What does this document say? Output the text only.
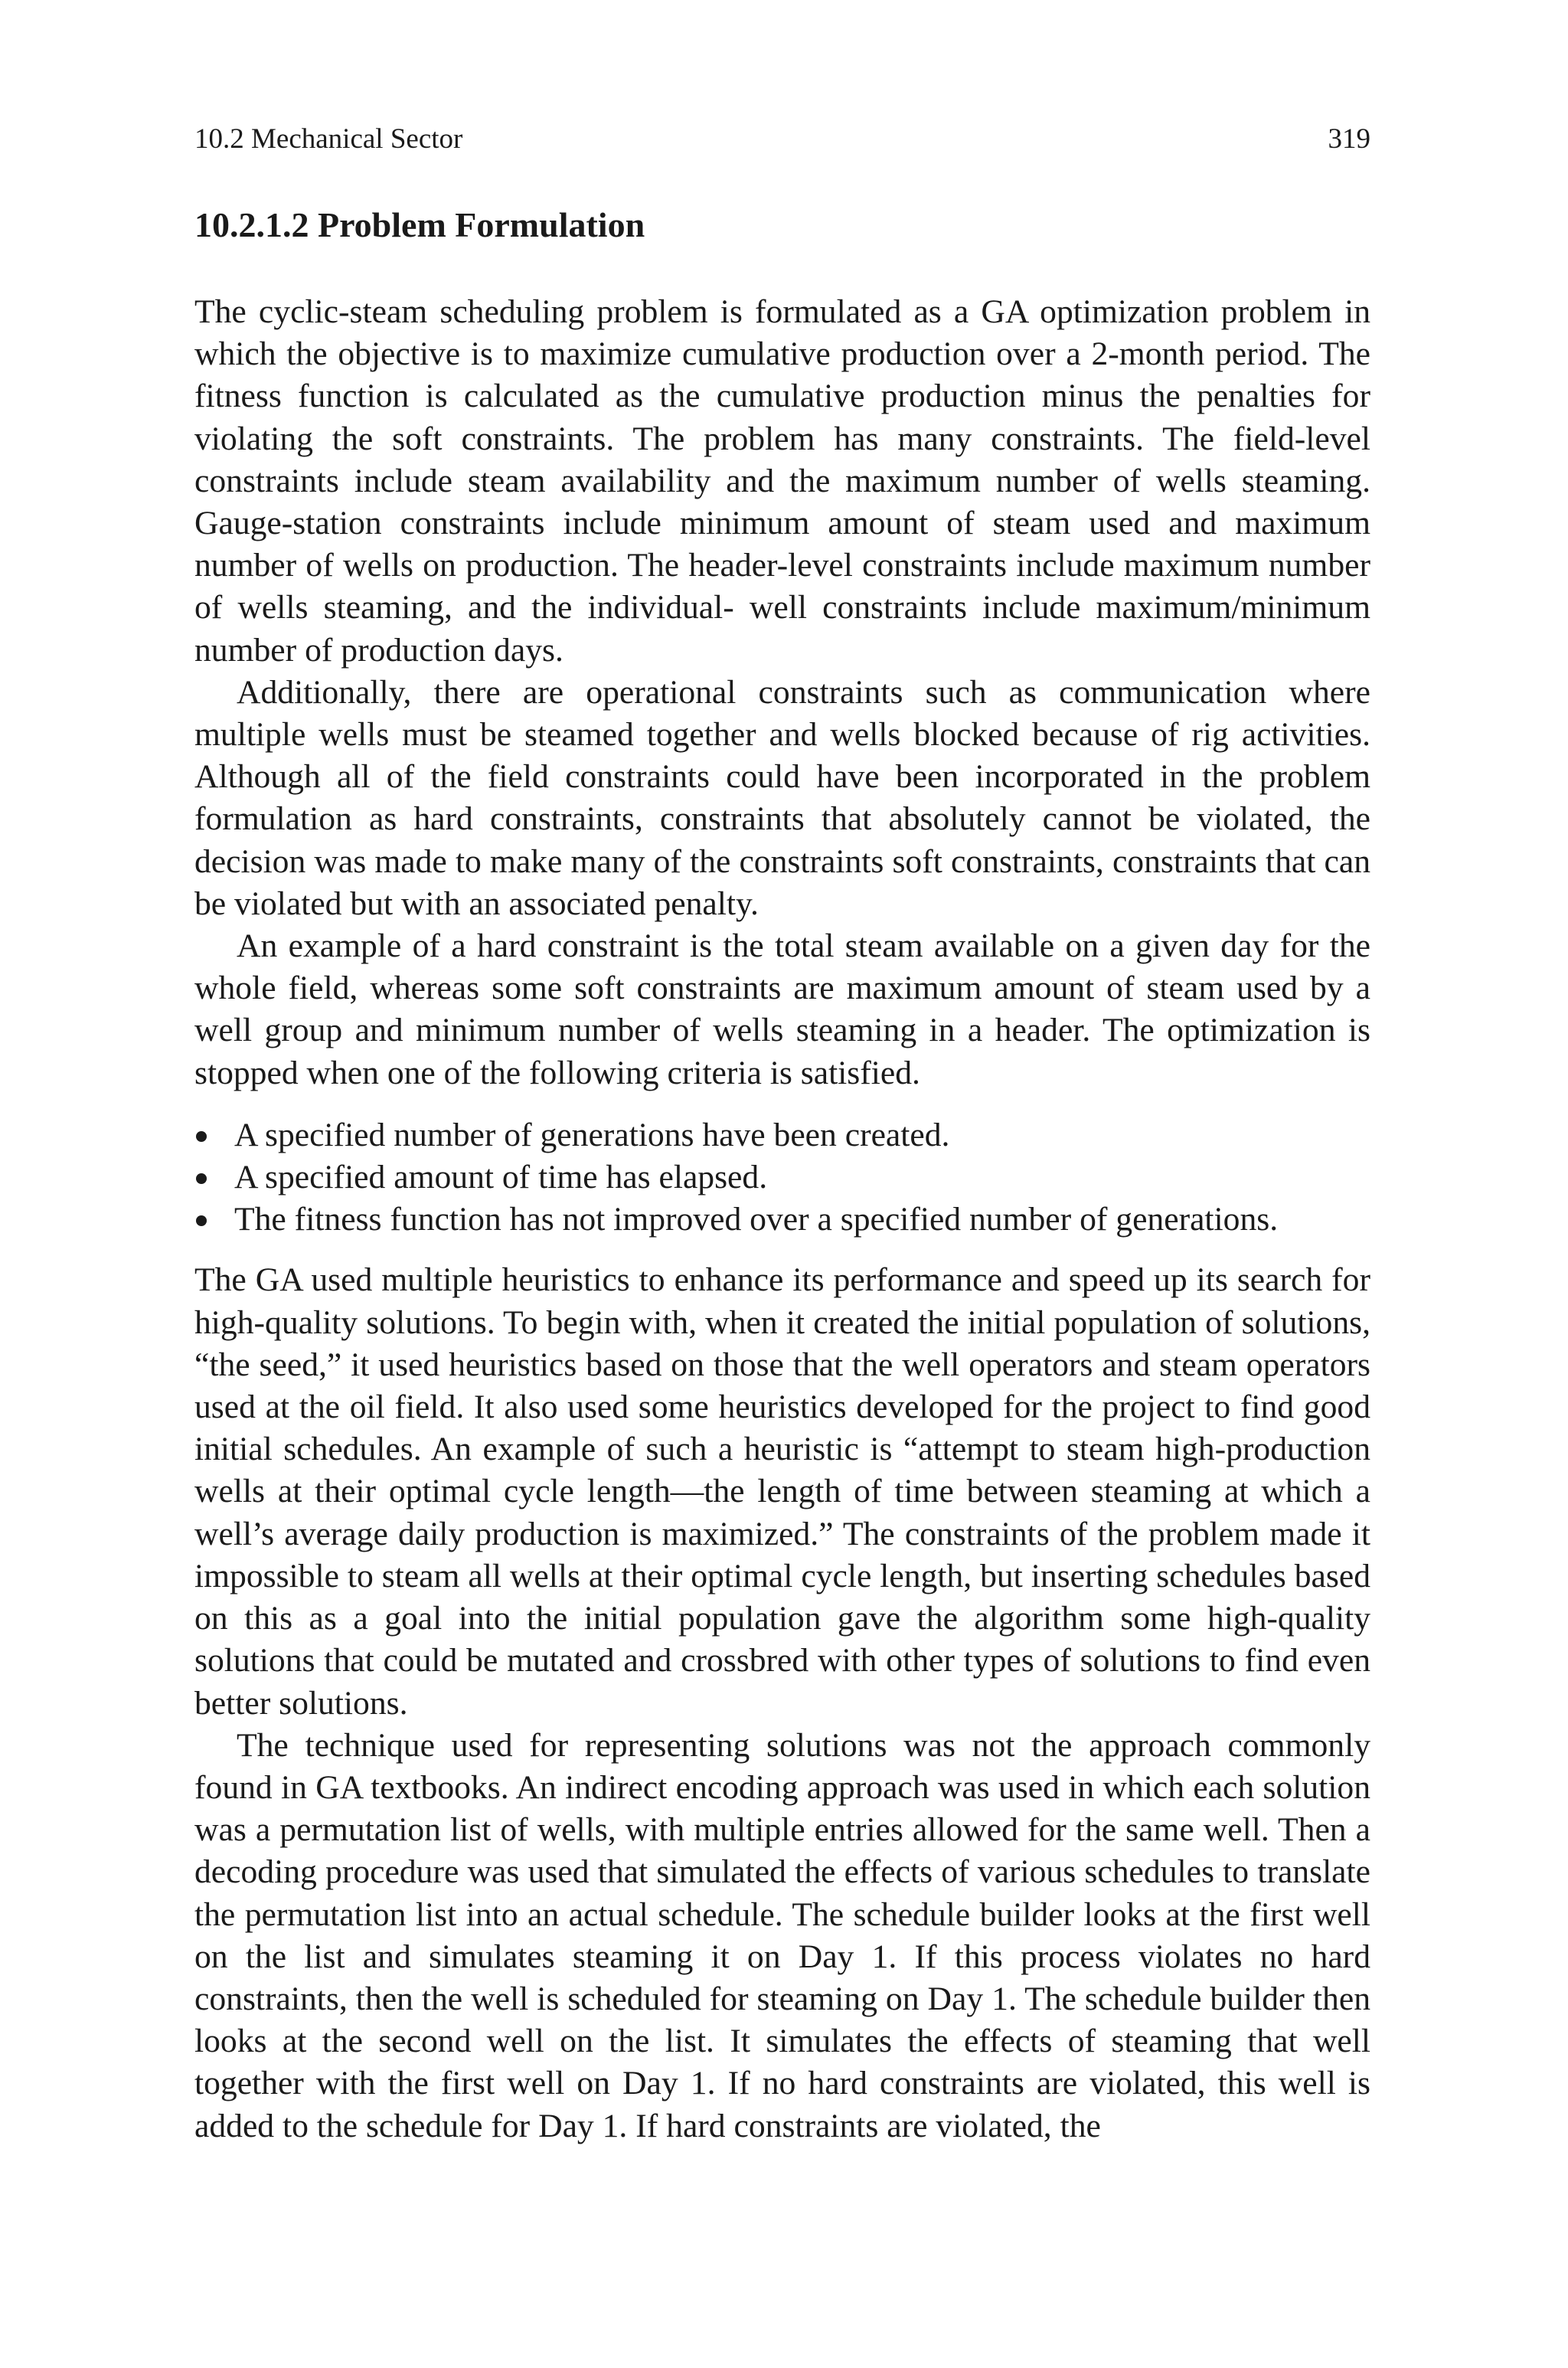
10.2 Mechanical Sector	319
10.2.1.2 Problem Formulation

The cyclic-steam scheduling problem is formulated as a GA optimization problem in which the objective is to maximize cumulative production over a 2-month period. The fitness function is calculated as the cumulative production minus the penalties for violating the soft constraints. The problem has many constraints. The field-level constraints include steam availability and the maximum number of wells steaming. Gauge-station constraints include minimum amount of steam used and maximum number of wells on production. The header-level constraints include maximum number of wells steaming, and the individual- well constraints include maximum/minimum number of production days.

Additionally, there are operational constraints such as communication where multiple wells must be steamed together and wells blocked because of rig activities. Although all of the field constraints could have been incorporated in the problem formulation as hard constraints, constraints that absolutely cannot be violated, the decision was made to make many of the constraints soft constraints, constraints that can be violated but with an associated penalty.

An example of a hard constraint is the total steam available on a given day for the whole field, whereas some soft constraints are maximum amount of steam used by a well group and minimum number of wells steaming in a header. The optimization is stopped when one of the following criteria is satisfied.

A specified number of generations have been created.
A specified amount of time has elapsed.
The fitness function has not improved over a specified number of generations.

The GA used multiple heuristics to enhance its performance and speed up its search for high-quality solutions. To begin with, when it created the initial population of solutions, “the seed,” it used heuristics based on those that the well operators and steam operators used at the oil field. It also used some heuristics developed for the project to find good initial schedules. An example of such a heuristic is “attempt to steam high-production wells at their optimal cycle length—the length of time between steaming at which a well’s average daily production is maximized.” The constraints of the problem made it impossible to steam all wells at their optimal cycle length, but inserting schedules based on this as a goal into the initial population gave the algorithm some high-quality solutions that could be mutated and crossbred with other types of solutions to find even better solutions.

The technique used for representing solutions was not the approach commonly found in GA textbooks. An indirect encoding approach was used in which each solution was a permutation list of wells, with multiple entries allowed for the same well. Then a decoding procedure was used that simulated the effects of various schedules to translate the permutation list into an actual schedule. The schedule builder looks at the first well on the list and simulates steaming it on Day 1. If this process violates no hard constraints, then the well is scheduled for steaming on Day 1. The schedule builder then looks at the second well on the list. It simulates the effects of steaming that well together with the first well on Day 1. If no hard constraints are violated, this well is added to the schedule for Day 1. If hard constraints are violated, the
